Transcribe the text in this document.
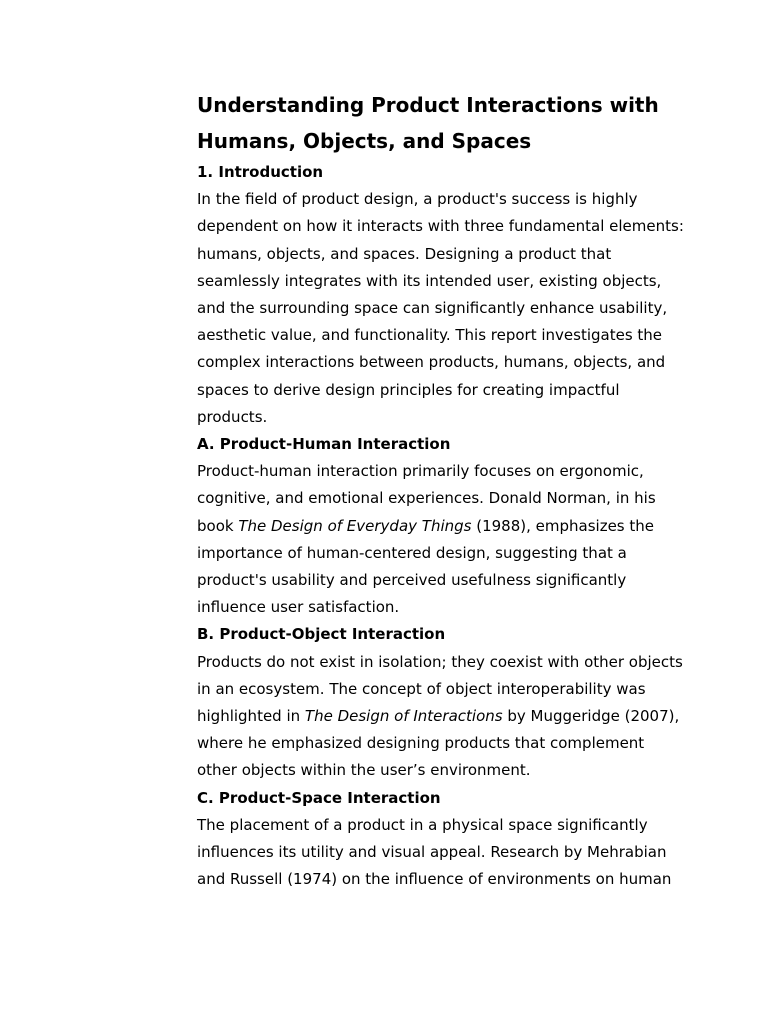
Understanding Product Interactions with Humans, Objects, and Spaces
1. Introduction

In the field of product design, a product's success is highly dependent on how it interacts with three fundamental elements: humans, objects, and spaces. Designing a product that seamlessly integrates with its intended user, existing objects, and the surrounding space can significantly enhance usability, aesthetic value, and functionality. This report investigates the complex interactions between products, humans, objects, and spaces to derive design principles for creating impactful products.

A. Product-Human Interaction

Product-human interaction primarily focuses on ergonomic, cognitive, and emotional experiences. Donald Norman, in his book The Design of Everyday Things (1988), emphasizes the importance of human-centered design, suggesting that a product's usability and perceived usefulness significantly influence user satisfaction.

B. Product-Object Interaction

Products do not exist in isolation; they coexist with other objects in an ecosystem. The concept of object interoperability was highlighted in The Design of Interactions by Muggeridge (2007), where he emphasized designing products that complement other objects within the user’s environment.

C. Product-Space Interaction

The placement of a product in a physical space significantly influences its utility and visual appeal. Research by Mehrabian and Russell (1974) on the influence of environments on human
